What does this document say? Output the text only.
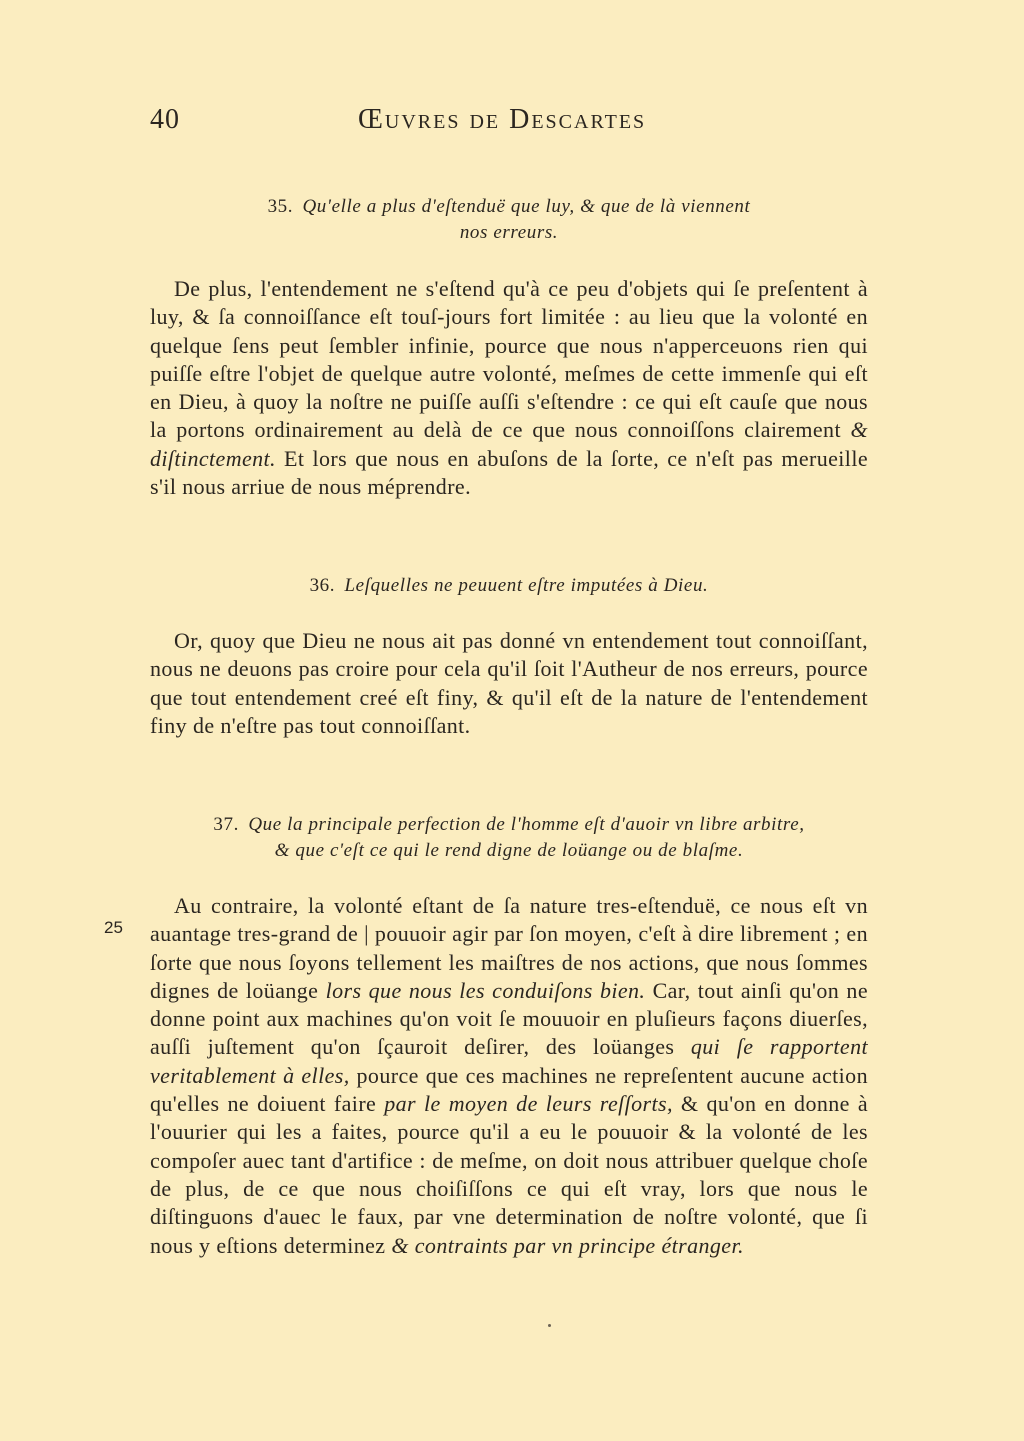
40	Œuvres de Descartes
35. Qu'elle a plus d'eſtenduë que luy, & que de là viennent
nos erreurs.
De plus, l'entendement ne s'eſtend qu'à ce peu d'objets qui ſe preſentent à luy, & ſa connoiſſance eſt touſ-jours fort limitée : au lieu que la volonté en quelque ſens peut ſembler infinie, pource que nous n'apperceuons rien qui puiſſe eſtre l'objet de quelque autre volonté, meſmes de cette immenſe qui eſt en Dieu, à quoy la noſtre ne puiſſe auſſi s'eſtendre : ce qui eſt cauſe que nous la portons ordinairement au delà de ce que nous connoiſſons clairement & diſtinctement. Et lors que nous en abuſons de la ſorte, ce n'eſt pas merueille s'il nous arriue de nous méprendre.
36. Leſquelles ne peuuent eſtre imputées à Dieu.
Or, quoy que Dieu ne nous ait pas donné vn entendement tout connoiſſant, nous ne deuons pas croire pour cela qu'il ſoit l'Autheur de nos erreurs, pource que tout entendement creé eſt finy, & qu'il eſt de la nature de l'entendement finy de n'eſtre pas tout connoiſſant.
37. Que la principale perfection de l'homme eſt d'auoir vn libre arbitre,
& que c'eſt ce qui le rend digne de loüange ou de blaſme.
25
Au contraire, la volonté eſtant de ſa nature tres-eſtenduë, ce nous eſt vn auantage tres-grand de | pouuoir agir par ſon moyen, c'eſt à dire librement ; en ſorte que nous ſoyons tellement les maiſtres de nos actions, que nous ſommes dignes de loüange lors que nous les conduiſons bien. Car, tout ainſi qu'on ne donne point aux machines qu'on voit ſe mouuoir en pluſieurs façons diuerſes, auſſi juſtement qu'on ſçauroit deſirer, des loüanges qui ſe rapportent veritablement à elles, pource que ces machines ne repreſentent aucune action qu'elles ne doiuent faire par le moyen de leurs reſſorts, & qu'on en donne à l'ouurier qui les a faites, pource qu'il a eu le pouuoir & la volonté de les compoſer auec tant d'artifice : de meſme, on doit nous attribuer quelque choſe de plus, de ce que nous choiſiſſons ce qui eſt vray, lors que nous le diſtinguons d'auec le faux, par vne determination de noſtre volonté, que ſi nous y eſtions determinez & contraints par vn principe étranger.
